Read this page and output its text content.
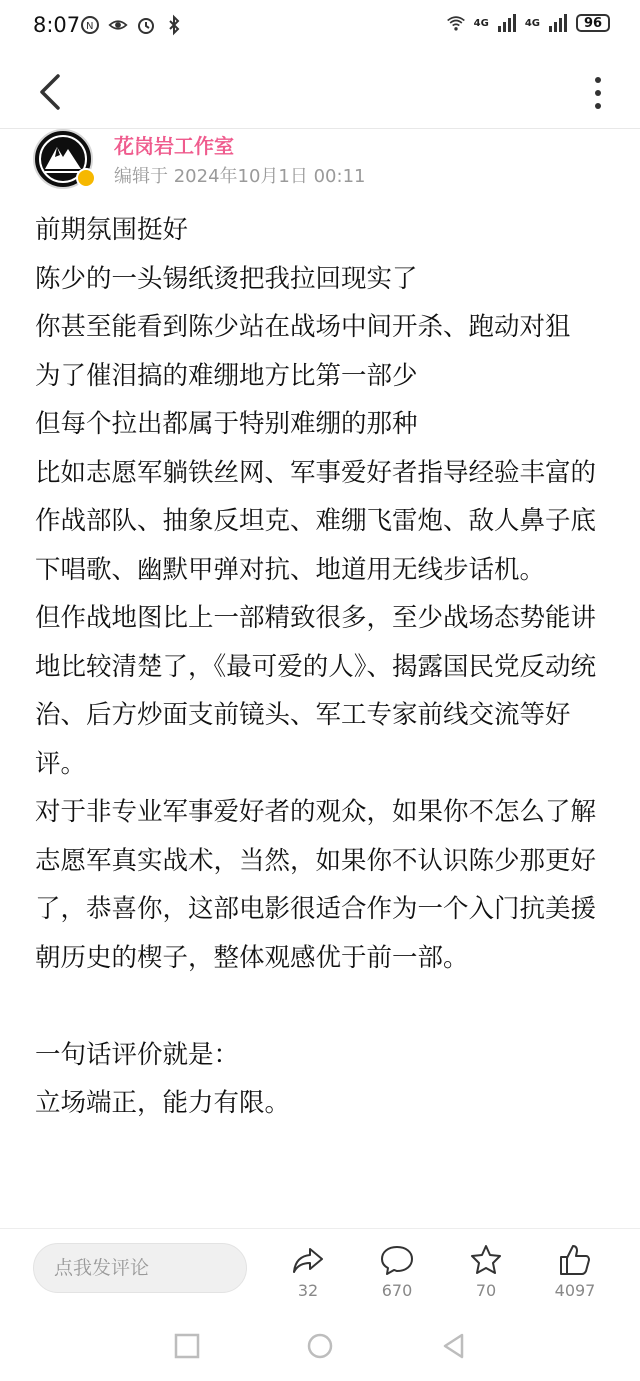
8:07 N	4G	4G	96
花岗岩工作室
编辑于 2024年10月1日 00:11

前期氛围挺好

陈少的一头锡纸烫把我拉回现实了

你甚至能看到陈少站在战场中间开杀、跑动对狙

为了催泪搞的难绷地方比第一部少

但每个拉出都属于特别难绷的那种

比如志愿军躺铁丝网、军事爱好者指导经验丰富的作战部队、抽象反坦克、难绷飞雷炮、敌人鼻子底下唱歌、幽默甲弹对抗、地道用无线步话机。

但作战地图比上一部精致很多，至少战场态势能讲地比较清楚了，《最可爱的人》、揭露国民党反动统治、后方炒面支前镜头、军工专家前线交流等好评。

对于非专业军事爱好者的观众，如果你不怎么了解志愿军真实战术，当然，如果你不认识陈少那更好了，恭喜你，这部电影很适合作为一个入门抗美援朝历史的楔子，整体观感优于前一部。

一句话评价就是：

立场端正，能力有限。

点我发评论
32	670	70	4097
